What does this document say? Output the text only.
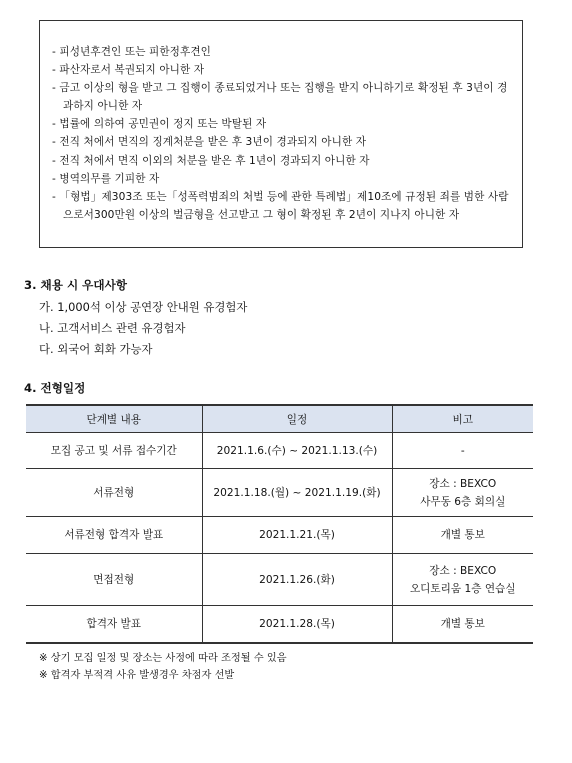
- 피성년후견인 또는 피한정후견인
- 파산자로서 복권되지 아니한 자
- 금고 이상의 형을 받고 그 집행이 종료되었거나 또는 집행을 받지 아니하기로 확정된 후 3년이 경과하지 아니한 자
- 법률에 의하여 공민권이 정지 또는 박탈된 자
- 전직 처에서 면직의 징계처분을 받은 후 3년이 경과되지 아니한 자
- 전직 처에서 면직 이외의 처분을 받은 후 1년이 경과되지 아니한 자
- 병역의무를 기피한 자
- 「형법」제303조 또는「성폭력범죄의 처벌 등에 관한 특례법」제10조에 규정된 죄를 범한 사람으로서300만원 이상의 벌금형을 선고받고 그 형이 확정된 후 2년이 지나지 아니한 자
3. 채용 시 우대사항
가. 1,000석 이상 공연장 안내원 유경험자
나. 고객서비스 관련 유경험자
다. 외국어 회화 가능자
4. 전형일정
단계별 내용	일정	비고
모집 공고 및 서류 접수기간	2021.1.6.(수) ~ 2021.1.13.(수)	-

서류전형	2021.1.18.(월) ~ 2021.1.19.(화)	장소 : BEXCO
사무동 6층 회의실

서류전형 합격자 발표	2021.1.21.(목)	개별 통보

면접전형	2021.1.26.(화)	장소 : BEXCO
오디토리움 1층 연습실

합격자 발표	2021.1.28.(목)	개별 통보
※ 상기 모집 일정 및 장소는 사정에 따라 조정될 수 있음
※ 합격자 부적격 사유 발생경우 차점자 선발
